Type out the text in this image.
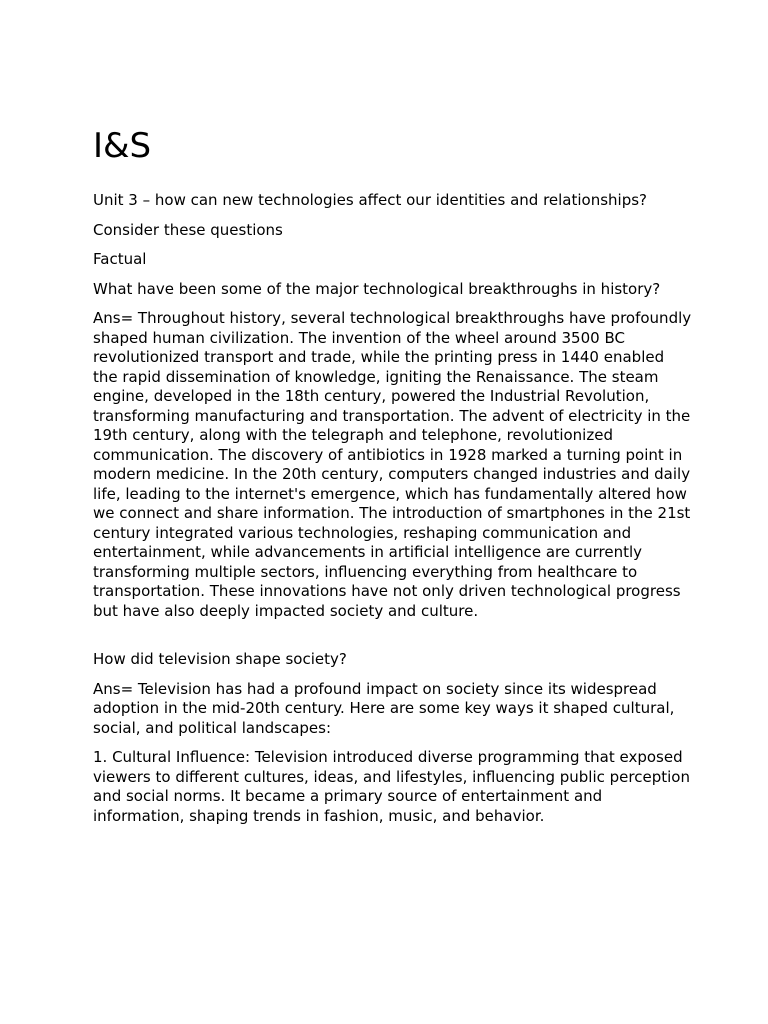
I&S

Unit 3 – how can new technologies affect our identities and relationships?

Consider these questions

Factual

What have been some of the major technological breakthroughs in history?

Ans= Throughout history, several technological breakthroughs have profoundly shaped human civilization. The invention of the wheel around 3500 BC revolutionized transport and trade, while the printing press in 1440 enabled the rapid dissemination of knowledge, igniting the Renaissance. The steam engine, developed in the 18th century, powered the Industrial Revolution, transforming manufacturing and transportation. The advent of electricity in the 19th century, along with the telegraph and telephone, revolutionized communication. The discovery of antibiotics in 1928 marked a turning point in modern medicine. In the 20th century, computers changed industries and daily life, leading to the internet's emergence, which has fundamentally altered how we connect and share information. The introduction of smartphones in the 21st century integrated various technologies, reshaping communication and entertainment, while advancements in artificial intelligence are currently transforming multiple sectors, influencing everything from healthcare to transportation. These innovations have not only driven technological progress but have also deeply impacted society and culture.

How did television shape society?

Ans= Television has had a profound impact on society since its widespread adoption in the mid-20th century. Here are some key ways it shaped cultural, social, and political landscapes:

1. Cultural Influence: Television introduced diverse programming that exposed viewers to different cultures, ideas, and lifestyles, influencing public perception and social norms. It became a primary source of entertainment and information, shaping trends in fashion, music, and behavior.
